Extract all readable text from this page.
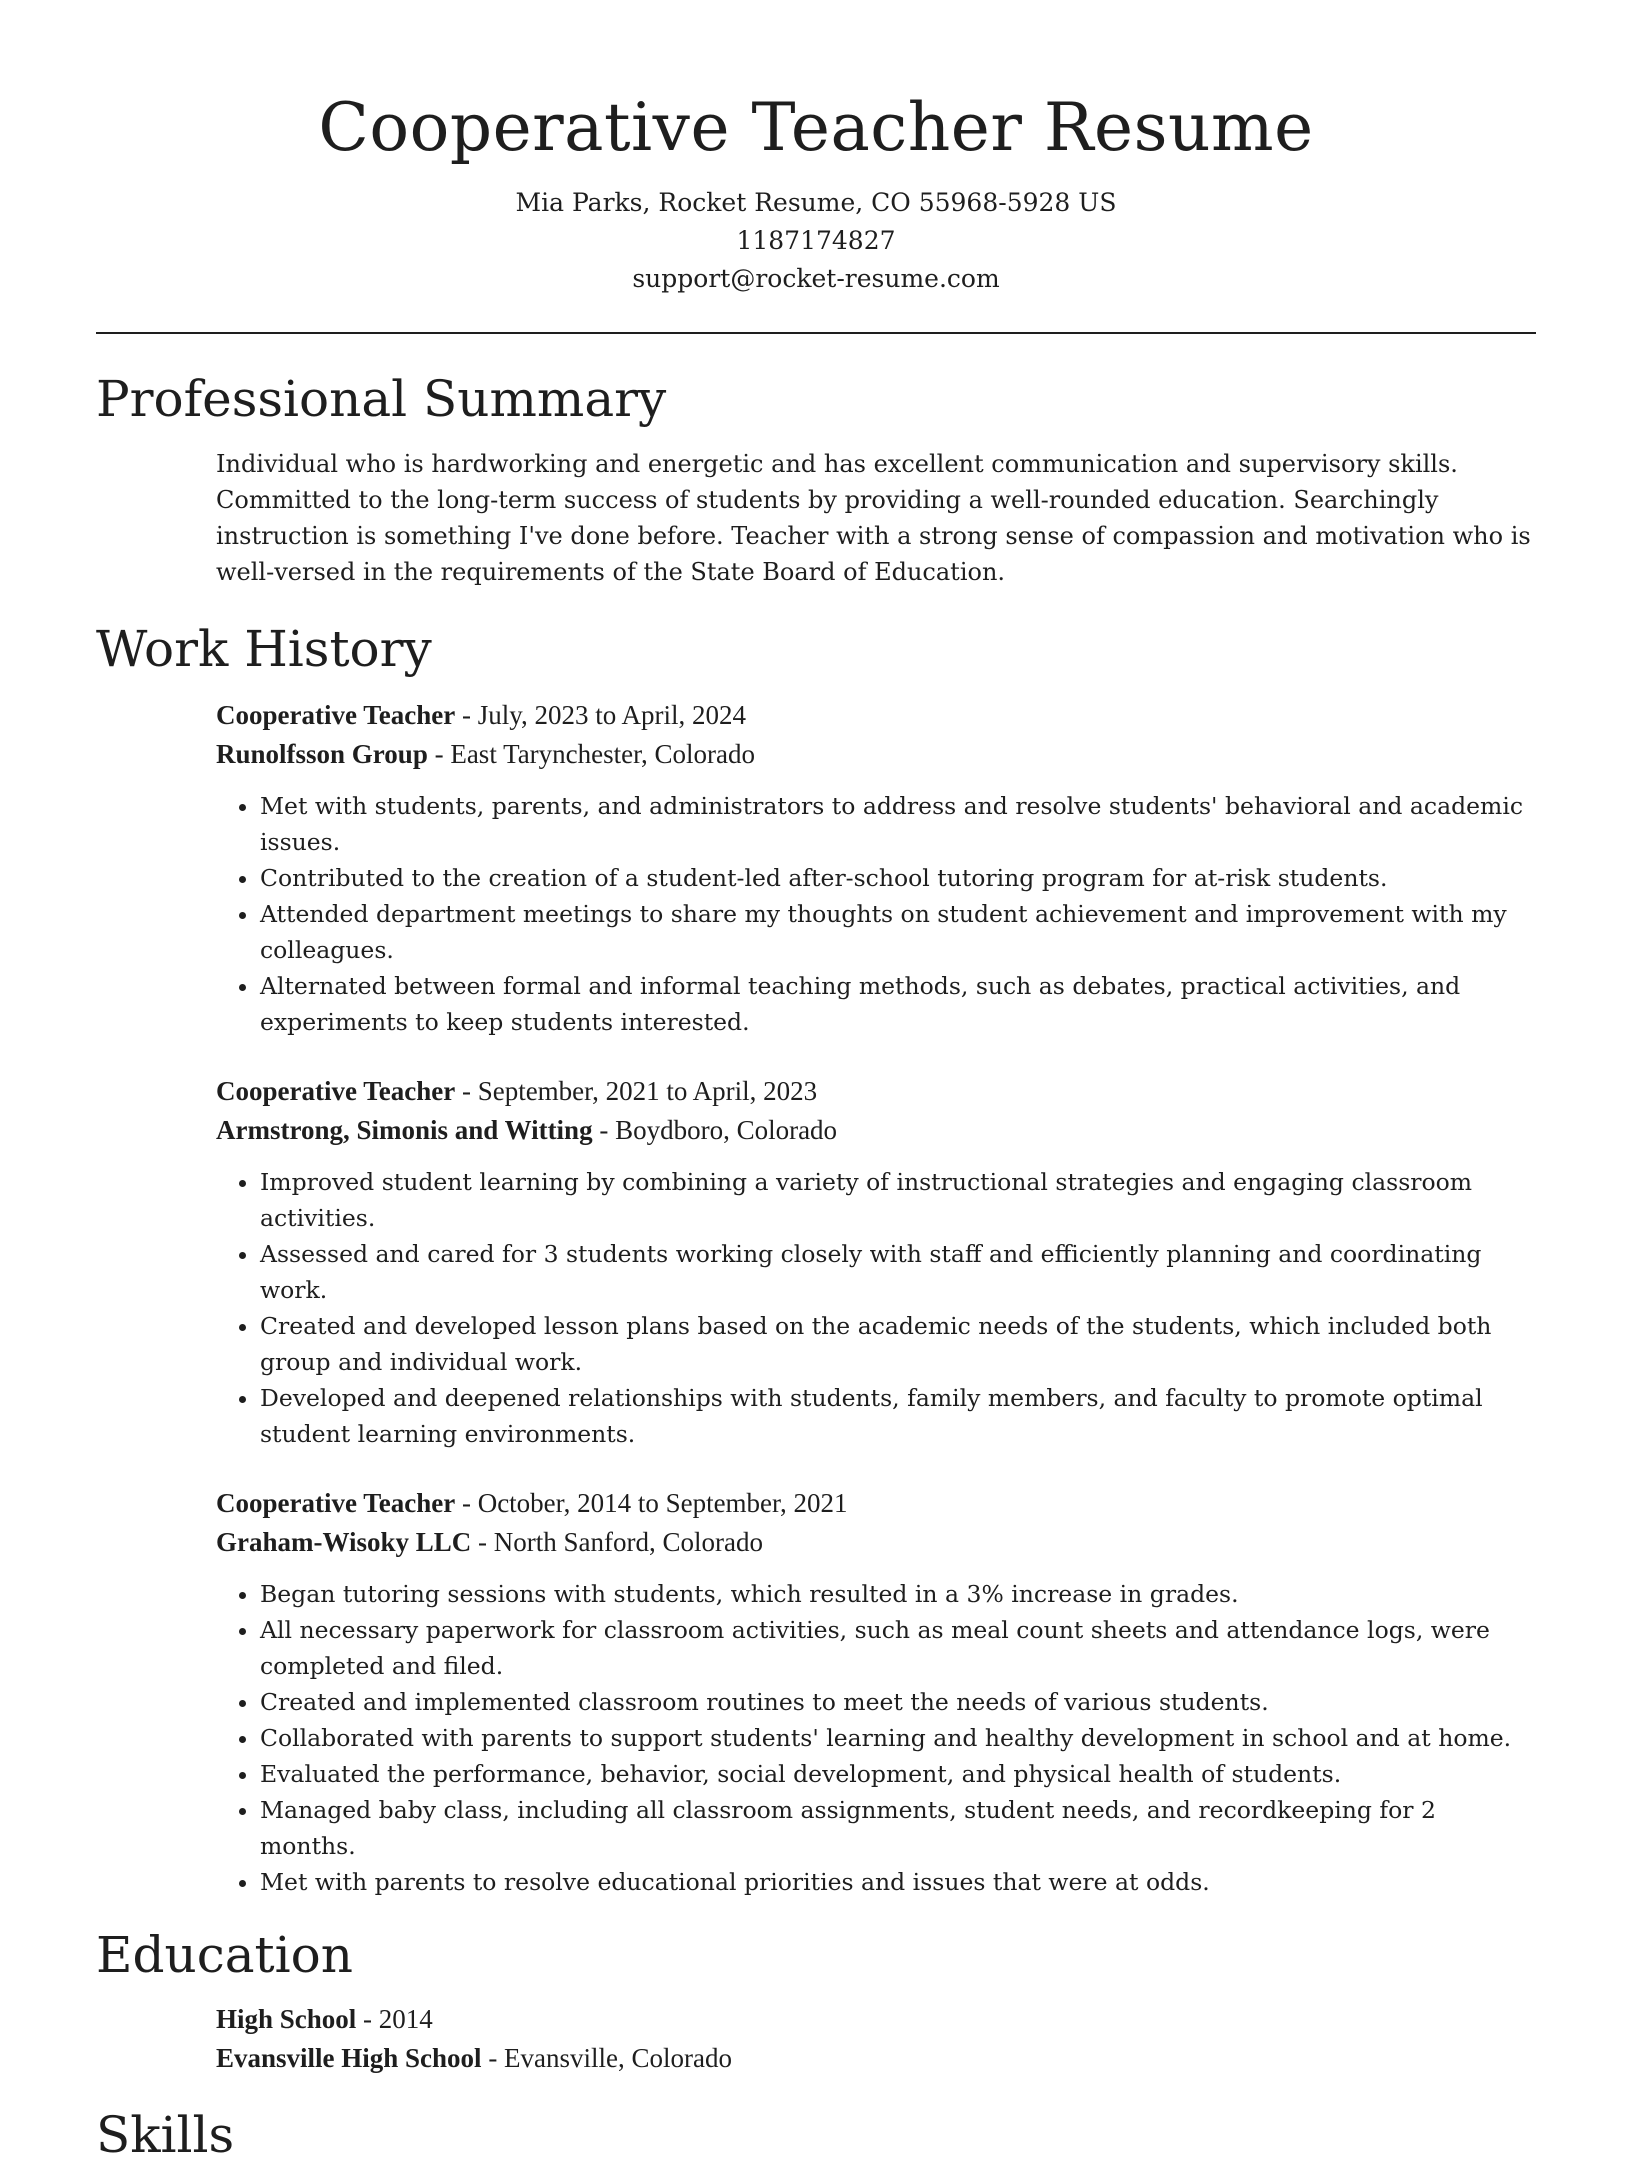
Cooperative Teacher Resume

Mia Parks, Rocket Resume, CO 55968-5928 US

1187174827

support@rocket-resume.com

Professional Summary

Individual who is hardworking and energetic and has excellent communication and supervisory skills. Committed to the long-term success of students by providing a well-rounded education. Searchingly instruction is something I've done before. Teacher with a strong sense of compassion and motivation who is well-versed in the requirements of the State Board of Education.

Work History

Cooperative Teacher - July, 2023 to April, 2024

Runolfsson Group - East Tarynchester, Colorado

• Met with students, parents, and administrators to address and resolve students' behavioral and academic issues.
• Contributed to the creation of a student-led after-school tutoring program for at-risk students.
• Attended department meetings to share my thoughts on student achievement and improvement with my colleagues.
• Alternated between formal and informal teaching methods, such as debates, practical activities, and experiments to keep students interested.

Cooperative Teacher - September, 2021 to April, 2023

Armstrong, Simonis and Witting - Boydboro, Colorado

• Improved student learning by combining a variety of instructional strategies and engaging classroom activities.
• Assessed and cared for 3 students working closely with staff and efficiently planning and coordinating work.
• Created and developed lesson plans based on the academic needs of the students, which included both group and individual work.
• Developed and deepened relationships with students, family members, and faculty to promote optimal student learning environments.

Cooperative Teacher - October, 2014 to September, 2021

Graham-Wisoky LLC - North Sanford, Colorado

• Began tutoring sessions with students, which resulted in a 3% increase in grades.
• All necessary paperwork for classroom activities, such as meal count sheets and attendance logs, were completed and filed.
• Created and implemented classroom routines to meet the needs of various students.
• Collaborated with parents to support students' learning and healthy development in school and at home.
• Evaluated the performance, behavior, social development, and physical health of students.
• Managed baby class, including all classroom assignments, student needs, and recordkeeping for 2 months.
• Met with parents to resolve educational priorities and issues that were at odds.
Education

High School - 2014

Evansville High School - Evansville, Colorado

Skills
